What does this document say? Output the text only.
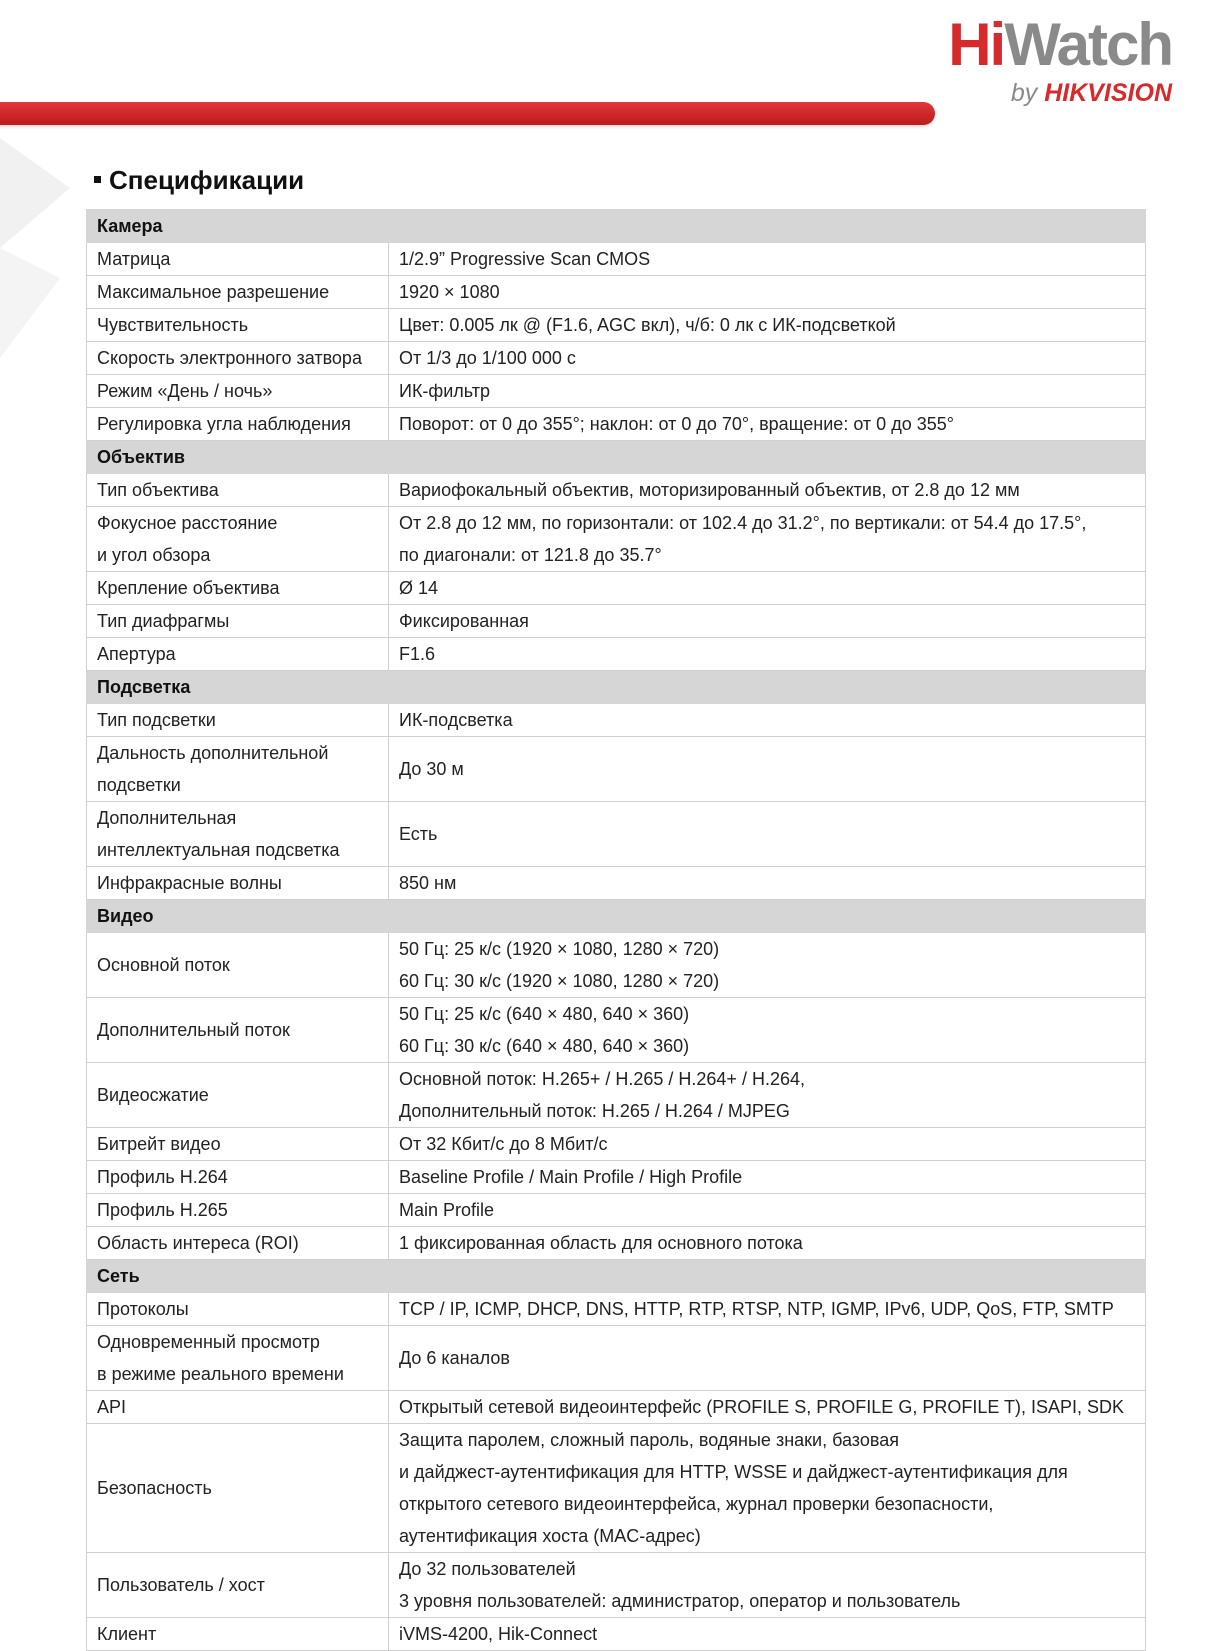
HiWatch
by HIKVISION
Спецификации
Камера	

Матрица	1/2.9” Progressive Scan CMOS

Максимальное разрешение	1920 × 1080

Чувствительность	Цвет: 0.005 лк @ (F1.6, AGC вкл), ч/б: 0 лк с ИК-подсветкой

Скорость электронного затвора	От 1/3 до 1/100 000 с

Режим «День / ночь»	ИК-фильтр

Регулировка угла наблюдения	Поворот: от 0 до 355°; наклон: от 0 до 70°, вращение: от 0 до 355°

Объектив	

Тип объектива	Вариофокальный объектив, моторизированный объектив, от 2.8 до 12 мм

Фокусное расстояние
и угол обзора	От 2.8 до 12 мм, по горизонтали: от 102.4 до 31.2°, по вертикали: от 54.4 до 17.5°,
по диагонали: от 121.8 до 35.7°

Крепление объектива	Ø 14

Тип диафрагмы	Фиксированная

Апертура	F1.6

Подсветка	

Тип подсветки	ИК-подсветка

Дальность дополнительной
подсветки	До 30 м

Дополнительная
интеллектуальная подсветка	Есть

Инфракрасные волны	850 нм

Видео	

Основной поток	50 Гц: 25 к/с (1920 × 1080, 1280 × 720)
60 Гц: 30 к/с (1920 × 1080, 1280 × 720)

Дополнительный поток	50 Гц: 25 к/с (640 × 480, 640 × 360)
60 Гц: 30 к/с (640 × 480, 640 × 360)

Видеосжатие	Основной поток: H.265+ / H.265 / H.264+ / H.264,
Дополнительный поток: H.265 / H.264 / MJPEG

Битрейт видео	От 32 Кбит/с до 8 Мбит/с

Профиль H.264	Baseline Profile / Main Profile / High Profile

Профиль H.265	Main Profile

Область интереса (ROI)	1 фиксированная область для основного потока

Сеть	

Протоколы	TCP / IP, ICMP, DHCP, DNS, HTTP, RTP, RTSP, NTP, IGMP, IPv6, UDP, QoS, FTP, SMTP

Одновременный просмотр
в режиме реального времени	До 6 каналов

API	Открытый сетевой видеоинтерфейс (PROFILE S, PROFILE G, PROFILE T), ISAPI, SDK

Безопасность	Защита паролем, сложный пароль, водяные знаки, базовая
и дайджест-аутентификация для HTTP, WSSE и дайджест-аутентификация для
открытого сетевого видеоинтерфейса, журнал проверки безопасности,
аутентификация хоста (MAC-адрес)

Пользователь / хост	До 32 пользователей
3 уровня пользователей: администратор, оператор и пользователь

Клиент	iVMS-4200, Hik-Connect
